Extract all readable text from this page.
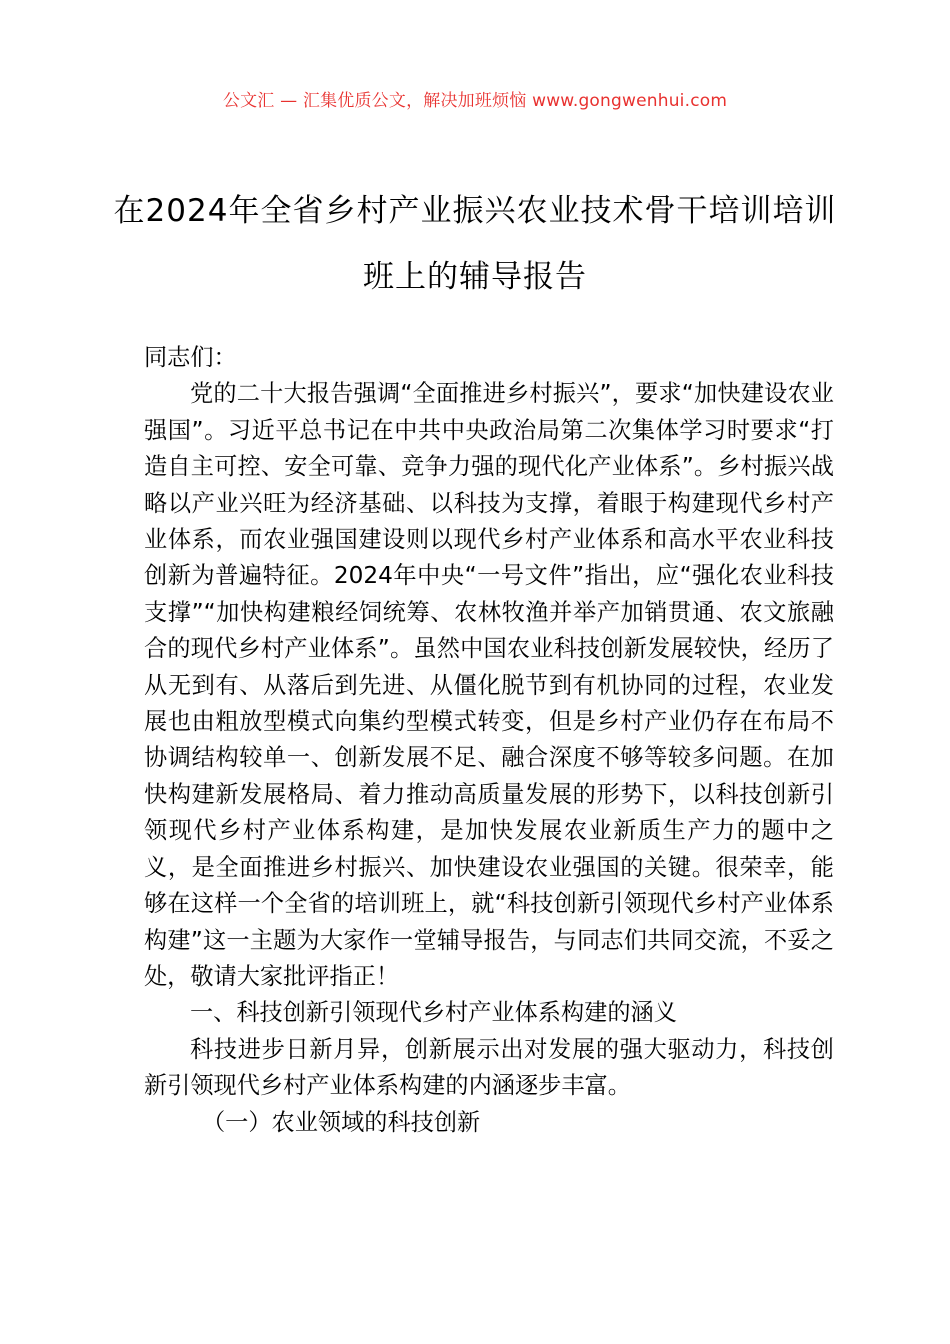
公文汇 — 汇集优质公文，解决加班烦恼 www.gongwenhui.com
在2024年全省乡村产业振兴农业技术骨干培训培训班上的辅导报告

同志们：

党的二十大报告强调“全面推进乡村振兴”，要求“加快建设农业强国”。习近平总书记在中共中央政治局第二次集体学习时要求“打造自主可控、安全可靠、竞争力强的现代化产业体系”。乡村振兴战略以产业兴旺为经济基础、以科技为支撑，着眼于构建现代乡村产业体系，而农业强国建设则以现代乡村产业体系和高水平农业科技创新为普遍特征。2024年中央“一号文件”指出，应“强化农业科技支撑”“加快构建粮经饲统筹、农林牧渔并举产加销贯通、农文旅融合的现代乡村产业体系”。虽然中国农业科技创新发展较快，经历了从无到有、从落后到先进、从僵化脱节到有机协同的过程，农业发展也由粗放型模式向集约型模式转变，但是乡村产业仍存在布局不协调结构较单一、创新发展不足、融合深度不够等较多问题。在加快构建新发展格局、着力推动高质量发展的形势下，以科技创新引领现代乡村产业体系构建，是加快发展农业新质生产力的题中之义，是全面推进乡村振兴、加快建设农业强国的关键。很荣幸，能够在这样一个全省的培训班上，就“科技创新引领现代乡村产业体系构建”这一主题为大家作一堂辅导报告，与同志们共同交流，不妥之处，敬请大家批评指正！

一、科技创新引领现代乡村产业体系构建的涵义

科技进步日新月异，创新展示出对发展的强大驱动力，科技创新引领现代乡村产业体系构建的内涵逐步丰富。

（一）农业领域的科技创新
